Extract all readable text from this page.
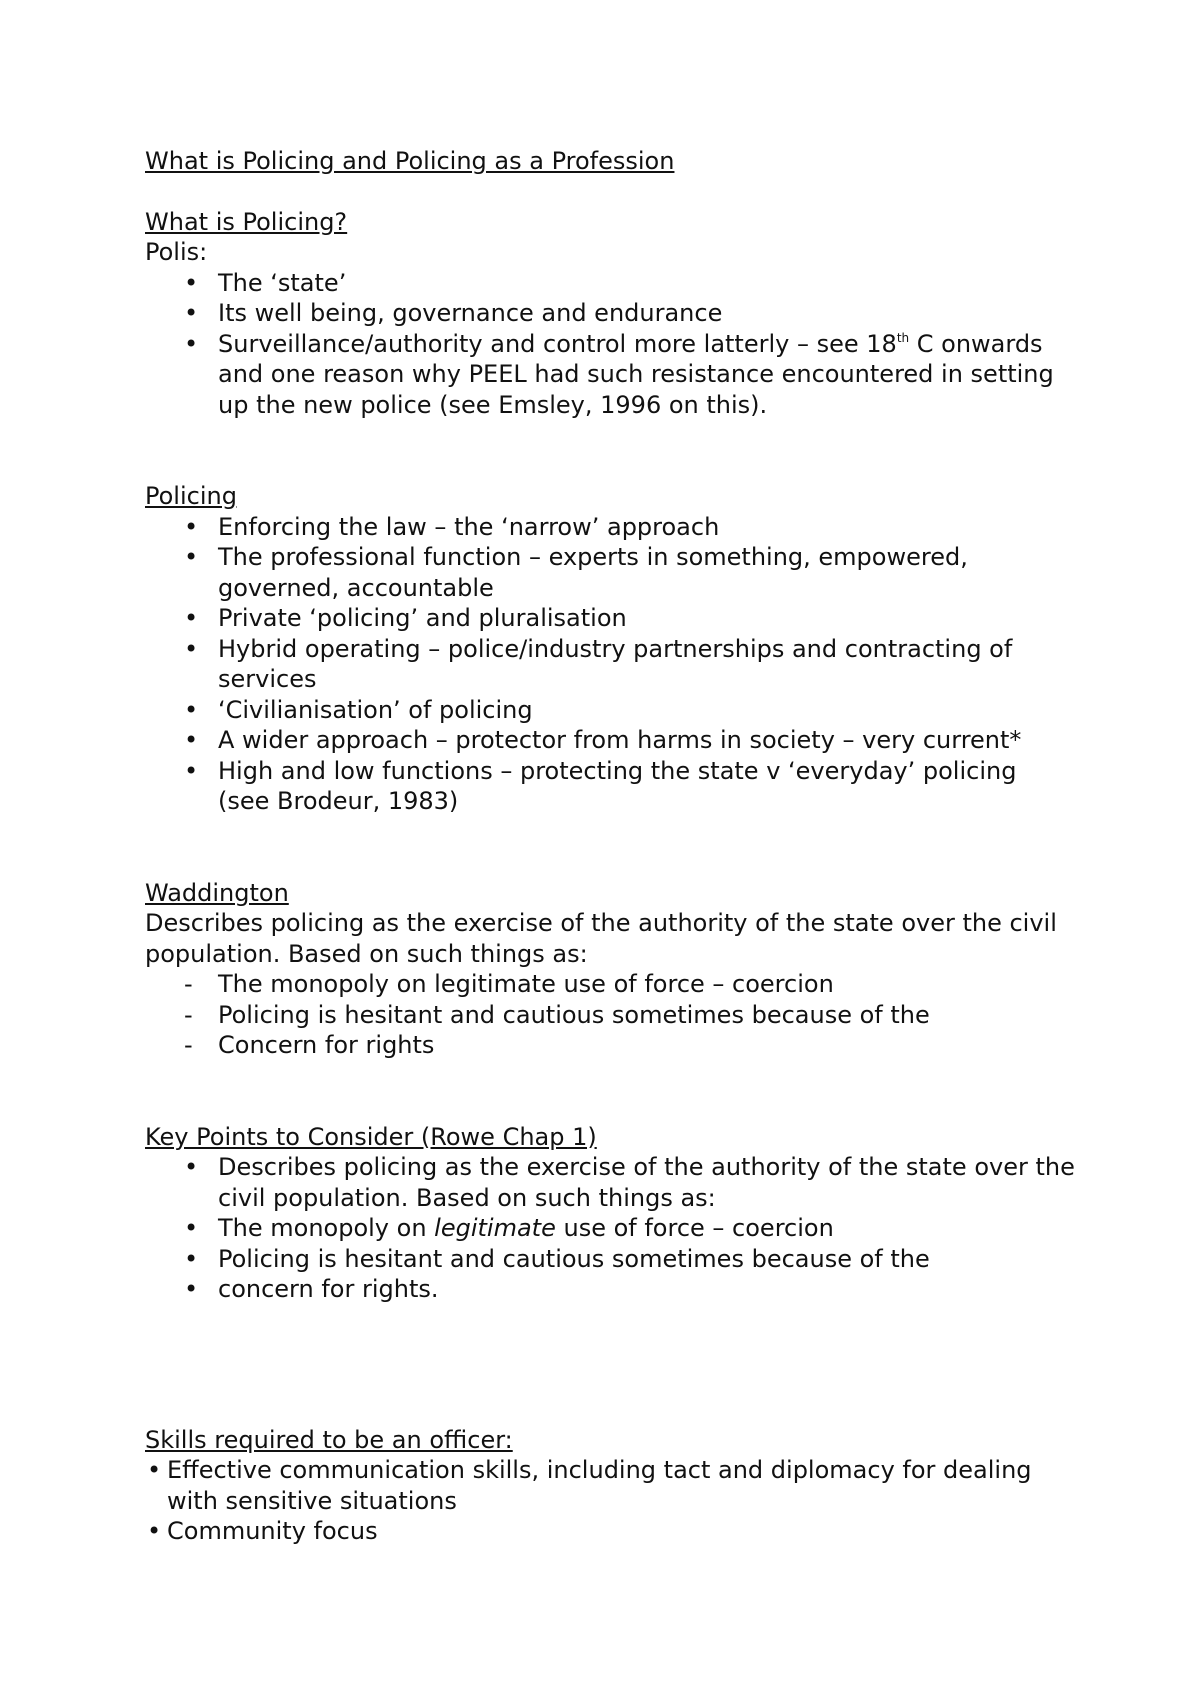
What is Policing and Policing as a Profession

What is Policing?

Polis:

• The ‘state’
• Its well being, governance and endurance
• Surveillance/authority and control more latterly – see 18th C onwards and one reason why PEEL had such resistance encountered in setting up the new police (see Emsley, 1996 on this).

Policing

• Enforcing the law – the ‘narrow’ approach
• The professional function – experts in something, empowered, governed, accountable
• Private ‘policing’ and pluralisation
• Hybrid operating – police/industry partnerships and contracting of services
• ‘Civilianisation’ of policing
• A wider approach – protector from harms in society – very current*
• High and low functions – protecting the state v ‘everyday’ policing (see Brodeur, 1983)

Waddington

Describes policing as the exercise of the authority of the state over the civil population. Based on such things as:

- The monopoly on legitimate use of force – coercion
- Policing is hesitant and cautious sometimes because of the
- Concern for rights

Key Points to Consider (Rowe Chap 1)

• Describes policing as the exercise of the authority of the state over the civil population. Based on such things as:
• The monopoly on legitimate use of force – coercion
• Policing is hesitant and cautious sometimes because of the
• concern for rights.

Skills required to be an officer:

• Effective communication skills, including tact and diplomacy for dealing with sensitive situations
• Community focus
